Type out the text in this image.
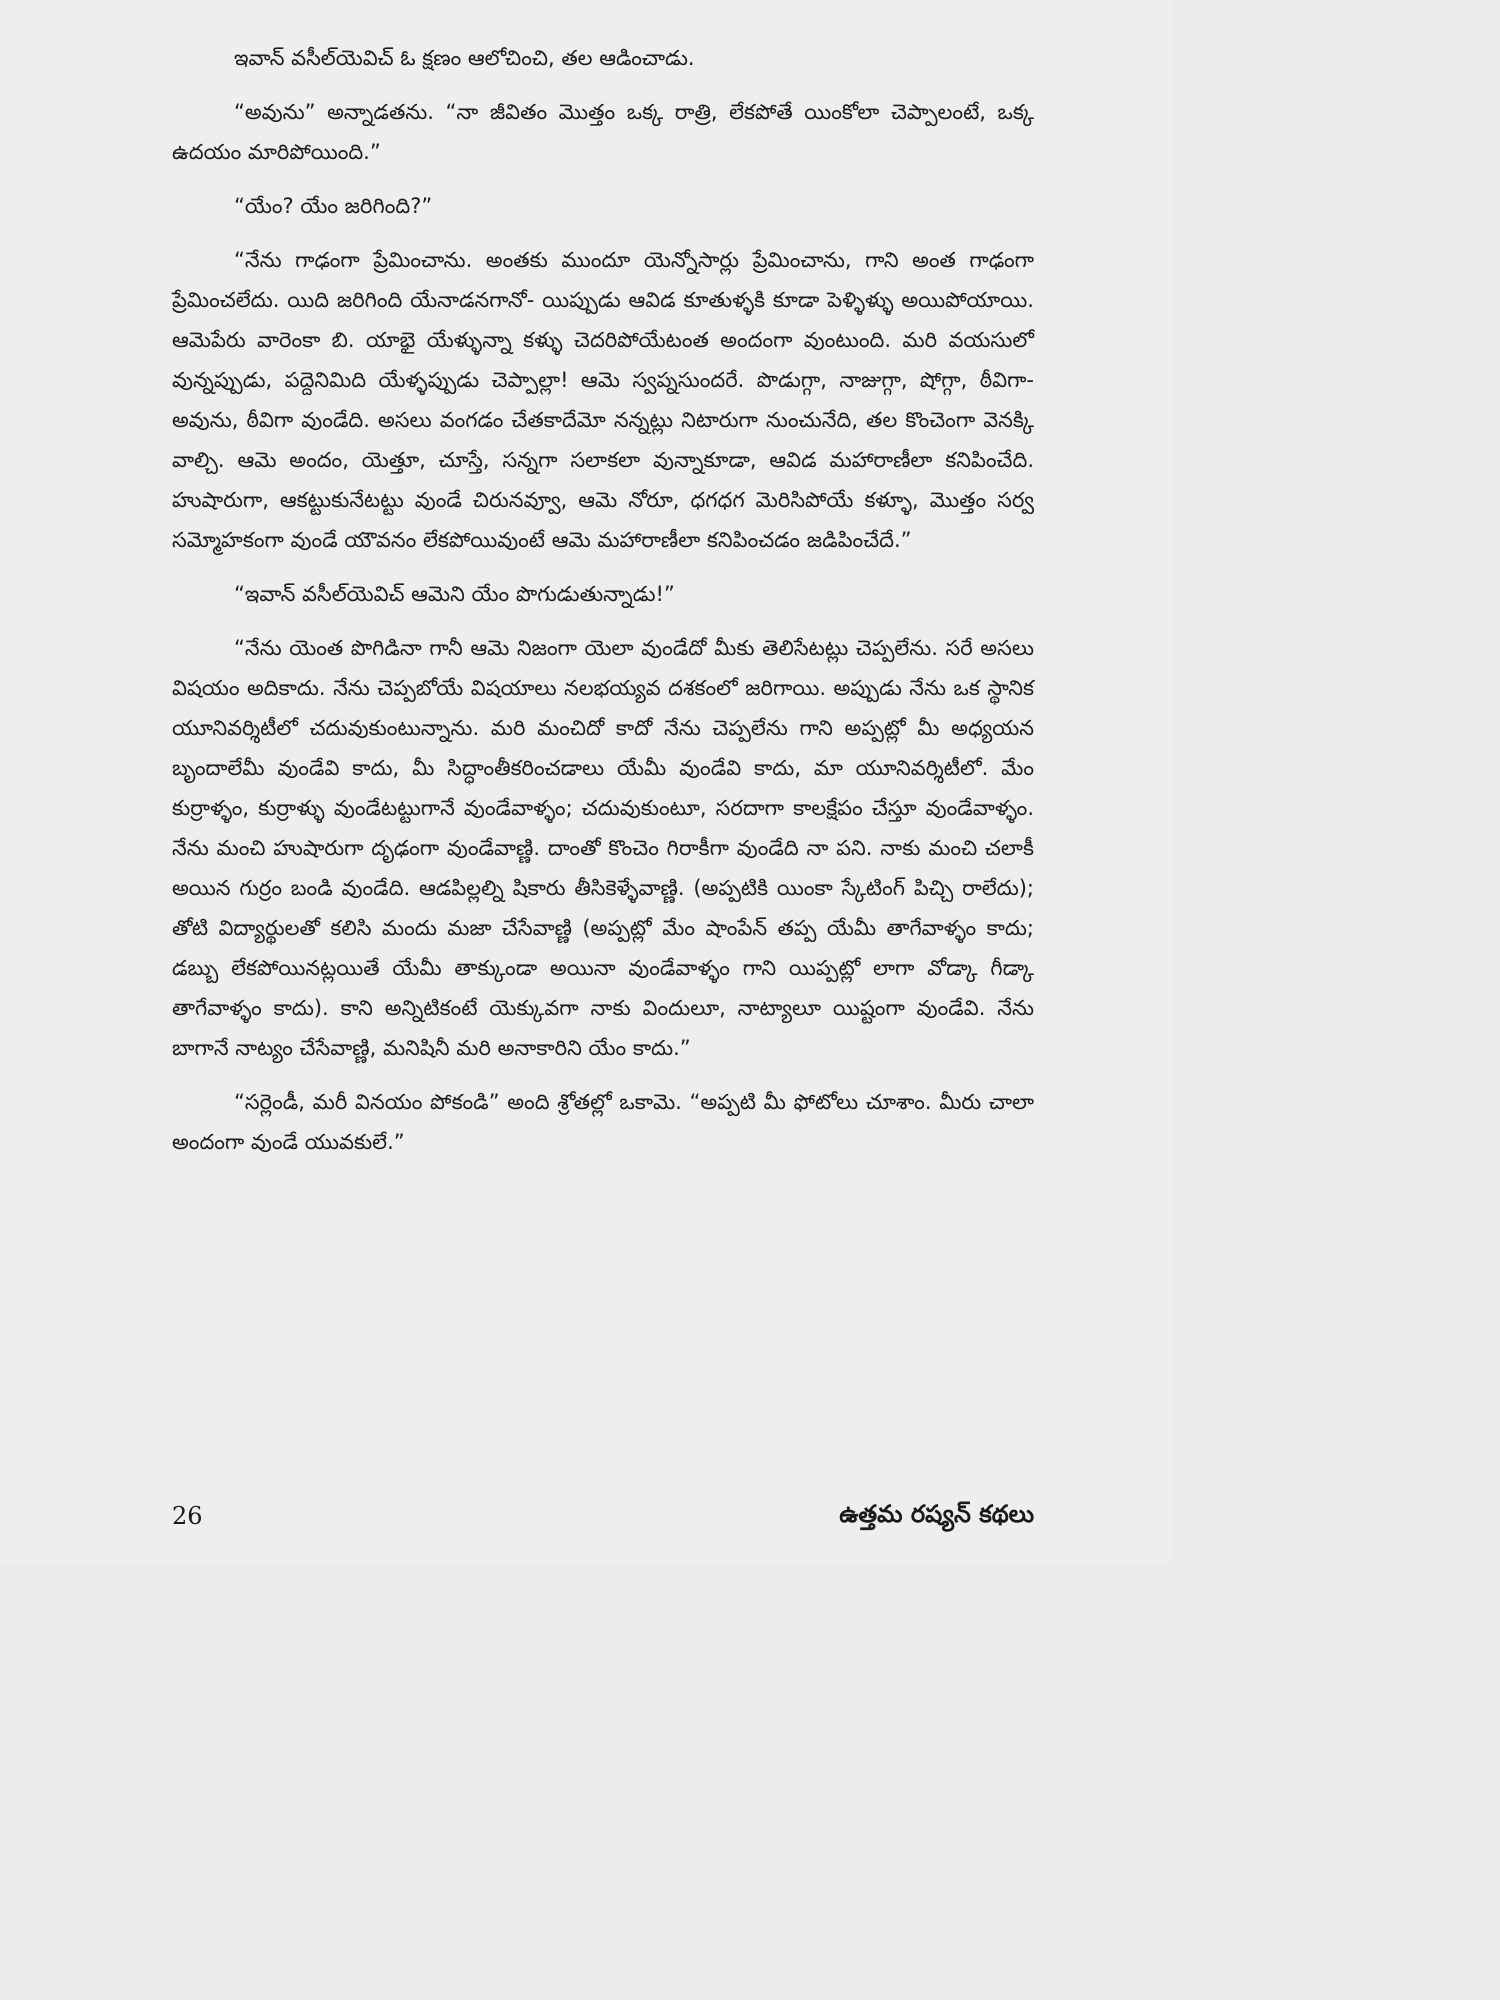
ఇవాన్ వసీల్‌యెవిచ్ ఓ క్షణం ఆలోచించి, తల ఆడించాడు.

“అవును” అన్నాడతను. “నా జీవితం మొత్తం ఒక్క రాత్రి, లేకపోతే యింకోలా చెప్పాలంటే, ఒక్క ఉదయం మారిపోయింది.”

“యేం? యేం జరిగింది?”

“నేను గాఢంగా ప్రేమించాను. అంతకు ముందూ యెన్నోసార్లు ప్రేమించాను, గాని అంత గాఢంగా ప్రేమించలేదు. యిది జరిగింది యేనాడనగానో- యిప్పుడు ఆవిడ కూతుళ్ళకి కూడా పెళ్ళిళ్ళు అయిపోయాయి. ఆమెపేరు వారెంకా బి. యాభై యేళ్ళున్నా కళ్ళు చెదరిపోయేటంత అందంగా వుంటుంది. మరి వయసులో వున్నప్పుడు, పద్దెనిమిది యేళ్ళప్పుడు చెప్పాల్లా! ఆమె స్వప్నసుందరే. పొడుగ్గా, నాజుగ్గా, షోగ్గా, ఠీవిగా- అవును, ఠీవిగా వుండేది. అసలు వంగడం చేతకాదేమో నన్నట్లు నిటారుగా నుంచునేది, తల కొంచెంగా వెనక్కి వాల్చి. ఆమె అందం, యెత్తూ, చూస్తే, సన్నగా సలాకలా వున్నాకూడా, ఆవిడ మహారాణీలా కనిపించేది. హుషారుగా, ఆకట్టుకునేటట్టు వుండే చిరునవ్వూ, ఆమె నోరూ, ధగధగ మెరిసిపోయే కళ్ళూ, మొత్తం సర్వ సమ్మోహకంగా వుండే యౌవనం లేకపోయివుంటే ఆమె మహారాణీలా కనిపించడం జడిపించేదే.”

“ఇవాన్ వసీల్‌యెవిచ్ ఆమెని యేం పొగుడుతున్నాడు!”

“నేను యెంత పొగిడినా గానీ ఆమె నిజంగా యెలా వుండేదో మీకు తెలిసేటట్లు చెప్పలేను. సరే అసలు విషయం అదికాదు. నేను చెప్పబోయే విషయాలు నలభయ్యవ దశకంలో జరిగాయి. అప్పుడు నేను ఒక స్థానిక యూనివర్శిటీలో చదువుకుంటున్నాను. మరి మంచిదో కాదో నేను చెప్పలేను గాని అప్పట్లో మీ అధ్యయన బృందాలేమీ వుండేవి కాదు, మీ సిద్ధాంతీకరించడాలు యేమీ వుండేవి కాదు, మా యూనివర్శిటీలో. మేం కుర్రాళ్ళం, కుర్రాళ్ళు వుండేటట్టుగానే వుండేవాళ్ళం; చదువుకుంటూ, సరదాగా కాలక్షేపం చేస్తూ వుండేవాళ్ళం. నేను మంచి హుషారుగా దృఢంగా వుండేవాణ్ణి. దాంతో కొంచెం గిరాకీగా వుండేది నా పని. నాకు మంచి చలాకీ అయిన గుర్రం బండి వుండేది. ఆడపిల్లల్ని షికారు తీసికెళ్ళేవాణ్ణి. (అప్పటికి యింకా స్కేటింగ్ పిచ్చి రాలేదు); తోటి విద్యార్థులతో కలిసి మందు మజా చేసేవాణ్ణి (అప్పట్లో మేం షాంపేన్ తప్ప యేమీ తాగేవాళ్ళం కాదు; డబ్బు లేకపోయినట్లయితే యేమీ తాక్కుండా అయినా వుండేవాళ్ళం గాని యిప్పట్లో లాగా వోడ్కా గీడ్కా తాగేవాళ్ళం కాదు). కాని అన్నిటికంటే యెక్కువగా నాకు విందులూ, నాట్యాలూ యిష్టంగా వుండేవి. నేను బాగానే నాట్యం చేసేవాణ్ణి, మనిషినీ మరి అనాకారిని యేం కాదు.”

“సర్లెండీ, మరీ వినయం పోకండి” అంది శ్రోతల్లో ఒకామె. “అప్పటి మీ ఫోటోలు చూశాం. మీరు చాలా అందంగా వుండే యువకులే.”

26	ఉత్తమ రష్యన్ కథలు
